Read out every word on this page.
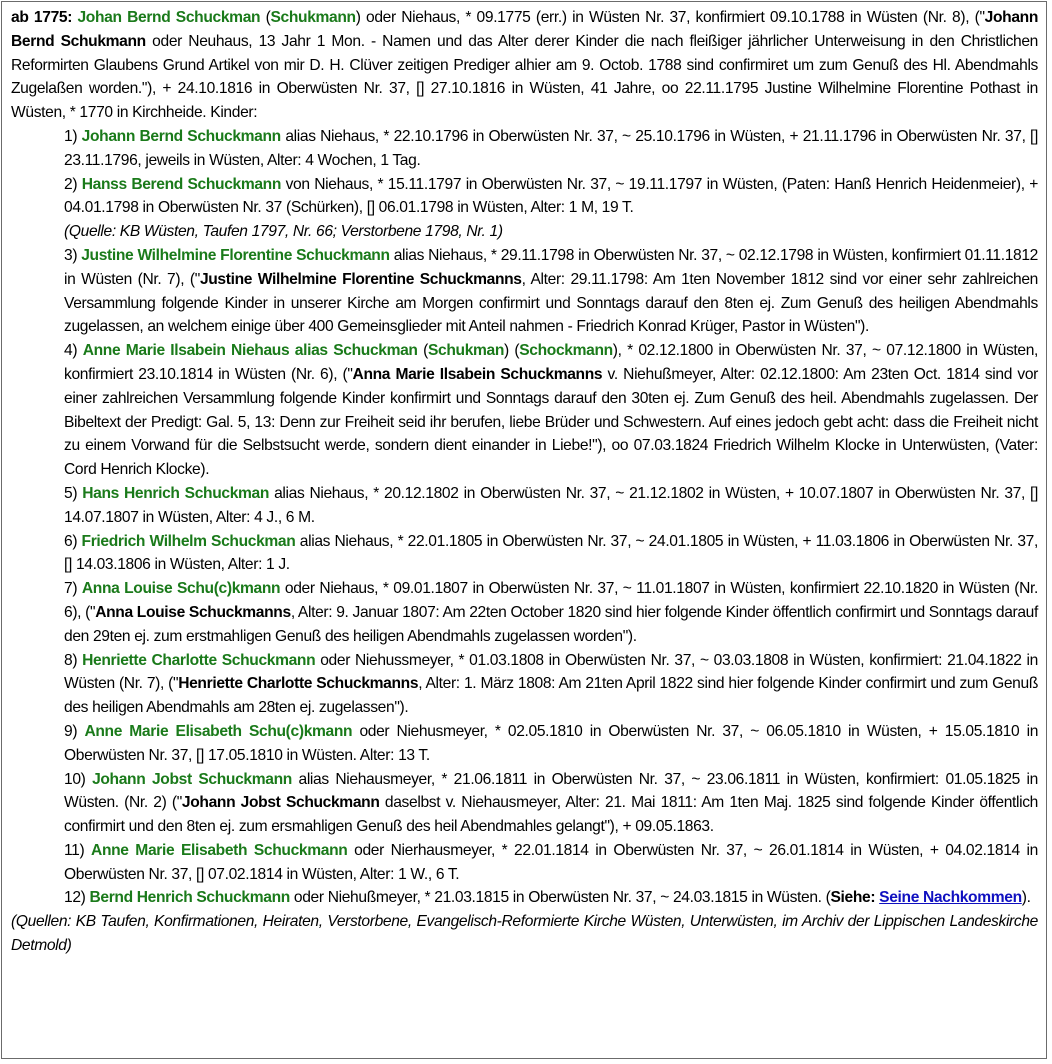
ab 1775: Johan Bernd Schuckman (Schukmann) oder Niehaus, * 09.1775 (err.) in Wüsten Nr. 37, konfirmiert 09.10.1788 in Wüsten (Nr. 8), ("Johann Bernd Schukmann oder Neuhaus, 13 Jahr 1 Mon. - Namen und das Alter derer Kinder die nach fleißiger jährlicher Unterweisung in den Christlichen Reformirten Glaubens Grund Artikel von mir D. H. Clüver zeitigen Prediger alhier am 9. Octob. 1788 sind confirmiret um zum Genuß des Hl. Abendmahls Zugelaßen worden."), + 24.10.1816 in Oberwüsten Nr. 37, [] 27.10.1816 in Wüsten, 41 Jahre, oo 22.11.1795 Justine Wilhelmine Florentine Pothast in Wüsten, * 1770 in Kirchheide. Kinder:

1) Johann Bernd Schuckmann alias Niehaus, * 22.10.1796 in Oberwüsten Nr. 37, ~ 25.10.1796 in Wüsten, + 21.11.1796 in Oberwüsten Nr. 37, [] 23.11.1796, jeweils in Wüsten, Alter: 4 Wochen, 1 Tag.

2) Hanss Berend Schuckmann von Niehaus, * 15.11.1797 in Oberwüsten Nr. 37, ~ 19.11.1797 in Wüsten, (Paten: Hanß Henrich Heidenmeier), + 04.01.1798 in Oberwüsten Nr. 37 (Schürken), [] 06.01.1798 in Wüsten, Alter: 1 M, 19 T.

(Quelle: KB Wüsten, Taufen 1797, Nr. 66; Verstorbene 1798, Nr. 1)

3) Justine Wilhelmine Florentine Schuckmann alias Niehaus, * 29.11.1798 in Oberwüsten Nr. 37, ~ 02.12.1798 in Wüsten, konfirmiert 01.11.1812 in Wüsten (Nr. 7), ("Justine Wilhelmine Florentine Schuckmanns, Alter: 29.11.1798: Am 1ten November 1812 sind vor einer sehr zahlreichen Versammlung folgende Kinder in unserer Kirche am Morgen confirmirt und Sonntags darauf den 8ten ej. Zum Genuß des heiligen Abendmahls zugelassen, an welchem einige über 400 Gemeinsglieder mit Anteil nahmen - Friedrich Konrad Krüger, Pastor in Wüsten").

4) Anne Marie Ilsabein Niehaus alias Schuckman (Schukman) (Schockmann), * 02.12.1800 in Oberwüsten Nr. 37, ~ 07.12.1800 in Wüsten, konfirmiert 23.10.1814 in Wüsten (Nr. 6), ("Anna Marie Ilsabein Schuckmanns v. Niehußmeyer, Alter: 02.12.1800: Am 23ten Oct. 1814 sind vor einer zahlreichen Versammlung folgende Kinder konfirmirt und Sonntags darauf den 30ten ej. Zum Genuß des heil. Abendmahls zugelassen. Der Bibeltext der Predigt: Gal. 5, 13: Denn zur Freiheit seid ihr berufen, liebe Brüder und Schwestern. Auf eines jedoch gebt acht: dass die Freiheit nicht zu einem Vorwand für die Selbstsucht werde, sondern dient einander in Liebe!"), oo 07.03.1824 Friedrich Wilhelm Klocke in Unterwüsten, (Vater: Cord Henrich Klocke).

5) Hans Henrich Schuckman alias Niehaus, * 20.12.1802 in Oberwüsten Nr. 37, ~ 21.12.1802 in Wüsten, + 10.07.1807 in Oberwüsten Nr. 37, [] 14.07.1807 in Wüsten, Alter: 4 J., 6 M.

6) Friedrich Wilhelm Schuckman alias Niehaus, * 22.01.1805 in Oberwüsten Nr. 37, ~ 24.01.1805 in Wüsten, + 11.03.1806 in Oberwüsten Nr. 37, [] 14.03.1806 in Wüsten, Alter: 1 J.

7) Anna Louise Schu(c)kmann oder Niehaus, * 09.01.1807 in Oberwüsten Nr. 37, ~ 11.01.1807 in Wüsten, konfirmiert 22.10.1820 in Wüsten (Nr. 6), ("Anna Louise Schuckmanns, Alter: 9. Januar 1807: Am 22ten October 1820 sind hier folgende Kinder öffentlich confirmirt und Sonntags darauf den 29ten ej. zum erstmahligen Genuß des heiligen Abendmahls zugelassen worden").

8) Henriette Charlotte Schuckmann oder Niehussmeyer, * 01.03.1808 in Oberwüsten Nr. 37, ~ 03.03.1808 in Wüsten, konfirmiert: 21.04.1822 in Wüsten (Nr. 7), ("Henriette Charlotte Schuckmanns, Alter: 1. März 1808: Am 21ten April 1822 sind hier folgende Kinder confirmirt und zum Genuß des heiligen Abendmahls am 28ten ej. zugelassen").

9) Anne Marie Elisabeth Schu(c)kmann oder Niehusmeyer, * 02.05.1810 in Oberwüsten Nr. 37, ~ 06.05.1810 in Wüsten, + 15.05.1810 in Oberwüsten Nr. 37, [] 17.05.1810 in Wüsten. Alter: 13 T.

10) Johann Jobst Schuckmann alias Niehausmeyer, * 21.06.1811 in Oberwüsten Nr. 37, ~ 23.06.1811 in Wüsten, konfirmiert: 01.05.1825 in Wüsten. (Nr. 2) ("Johann Jobst Schuckmann daselbst v. Niehausmeyer, Alter: 21. Mai 1811: Am 1ten Maj. 1825 sind folgende Kinder öffentlich confirmirt und den 8ten ej. zum ersmahligen Genuß des heil Abendmahles gelangt"), + 09.05.1863.

11) Anne Marie Elisabeth Schuckmann oder Nierhausmeyer, * 22.01.1814 in Oberwüsten Nr. 37, ~ 26.01.1814 in Wüsten, + 04.02.1814 in Oberwüsten Nr. 37, [] 07.02.1814 in Wüsten, Alter: 1 W., 6 T.

12) Bernd Henrich Schuckmann oder Niehußmeyer, * 21.03.1815 in Oberwüsten Nr. 37, ~ 24.03.1815 in Wüsten. (Siehe: Seine Nachkommen).

(Quellen: KB Taufen, Konfirmationen, Heiraten, Verstorbene, Evangelisch-Reformierte Kirche Wüsten, Unterwüsten, im Archiv der Lippischen Landeskirche Detmold)
